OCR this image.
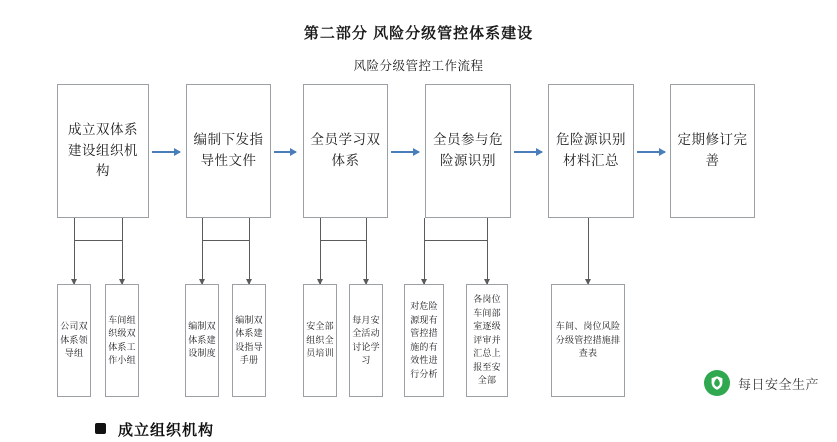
第二部分 风险分级管控体系建设
风险分级管控工作流程
成立双体系建设组织机构
编制下发指导性文件
全员学习双体系
全员参与危险源识别
危险源识别材料汇总
定期修订完善
公司双体系领导组
车间组织级双体系工作小组
编制双体系建设制度
编制双体系建设指导手册
安全部组织全员培训
每月安全活动讨论学习
对危险源现有管控措施的有效性进行分析
各岗位车间部室逐级评审并汇总上报至安全部
车间、岗位风险分级管控措施排查表
每日安全生产
成立组织机构
